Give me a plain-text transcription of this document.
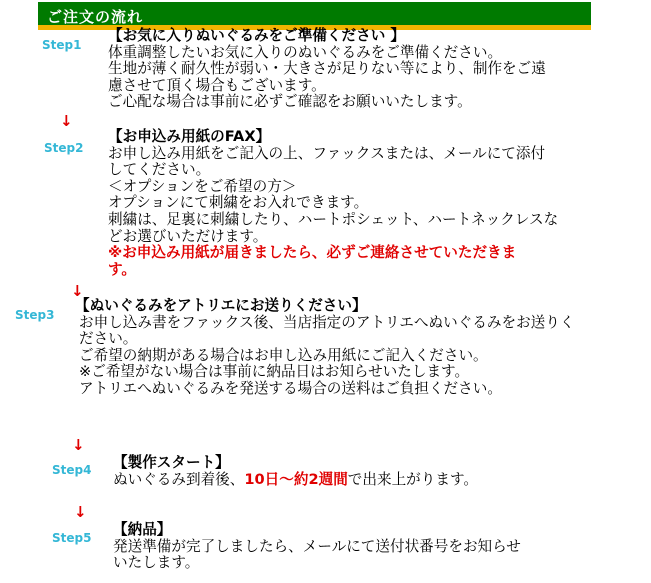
ご注文の流れ
Step1
【お気に入りぬいぐるみをご準備ください 】
体重調整したいお気に入りのぬいぐるみをご準備ください。
生地が薄く耐久性が弱い・大きさが足りない等により、制作をご遠
慮させて頂く場合もございます。
ご心配な場合は事前に必ずご確認をお願いいたします。
↓
Step2
【お申込み用紙のFAX】
お申し込み用紙をご記入の上、ファックスまたは、メールにて添付
してください。
＜オプションをご希望の方＞
オプションにて刺繍をお入れできます。
刺繍は、足裏に刺繍したり、ハートポシェット、ハートネックレスな
どお選びいただけます。
※お申込み用紙が届きましたら、必ずご連絡させていただきま
す。
↓
Step3
【ぬいぐるみをアトリエにお送りください】
お申し込み書をファックス後、当店指定のアトリエへぬいぐるみをお送りく
ださい。
ご希望の納期がある場合はお申し込み用紙にご記入ください。
※ご希望がない場合は事前に納品日はお知らせいたします。
アトリエへぬいぐるみを発送する場合の送料はご負担ください。
↓
Step4 【製作スタート】
ぬいぐるみ到着後、10日～約2週間で出来上がります。
↓
Step5 【納品】
発送準備が完了しましたら、メールにて送付状番号をお知らせ
いたします。
